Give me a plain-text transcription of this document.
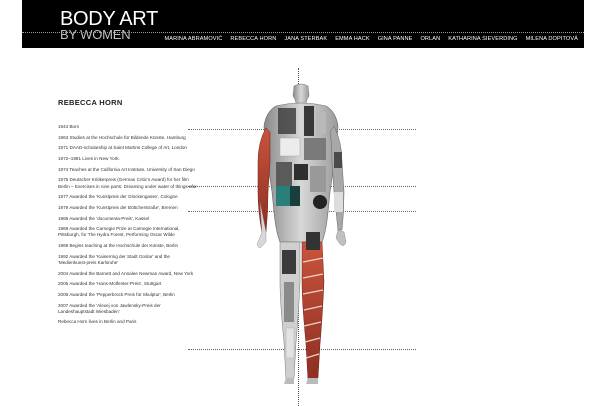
BODY ART
BY WOMEN	MARINA ABRAMOVIĆ REBECCA HORN JANA STERBAK EMMA HACK GINA PANNE ORLAN KATHARINA SIEVERDING MILENA DOPITOVÁ
REBECCA HORN
1944 Born
1963 Studies at the Hochschule für Bildende Künste, Hamburg
1971 DAAD-scholarship at Saint Martins College of Art, London
1972–1981 Lives in New York.
1974 Teaches at the California Art Institute, University of San Diego
1975 Deutscher Kritikerpreis (German Critic's Award) for her film Berlin – Exercises in nine parts: Dreaming under water of things afar
1977 Awarded the 'Kunstpreis der Glockengasse', Cologne
1979 Awarded the 'Kunstpreis der Böttcherstraße', Bremen
1986 Awarded the 'documenta-Preis', Kassel
1988 Awarded the Carnegie Prize at Carnegie International, Pittsburgh, for The Hydra Forest, Performing Oscar Wilde
1989 Begins teaching at the Hochschule der Künste, Berlin
1992 Awarded the 'Kaiserring der Stadt Goslar' and the 'Medienkunst-preis Karlsruhe'
2004 Awarded the Barnett and Annalee Newman Award, New York
2005 Awarded the 'Hans-Molfenter-Preis', Stuttgart
2006 Awarded the 'Pepperbrock Preis für Skulptur', Berlin
2007 Awarded the 'Alexej von Jawlensky-Preis der Landeshauptstadt Wiesbaden'
Rebecca Horn lives in Berlin and Paris
